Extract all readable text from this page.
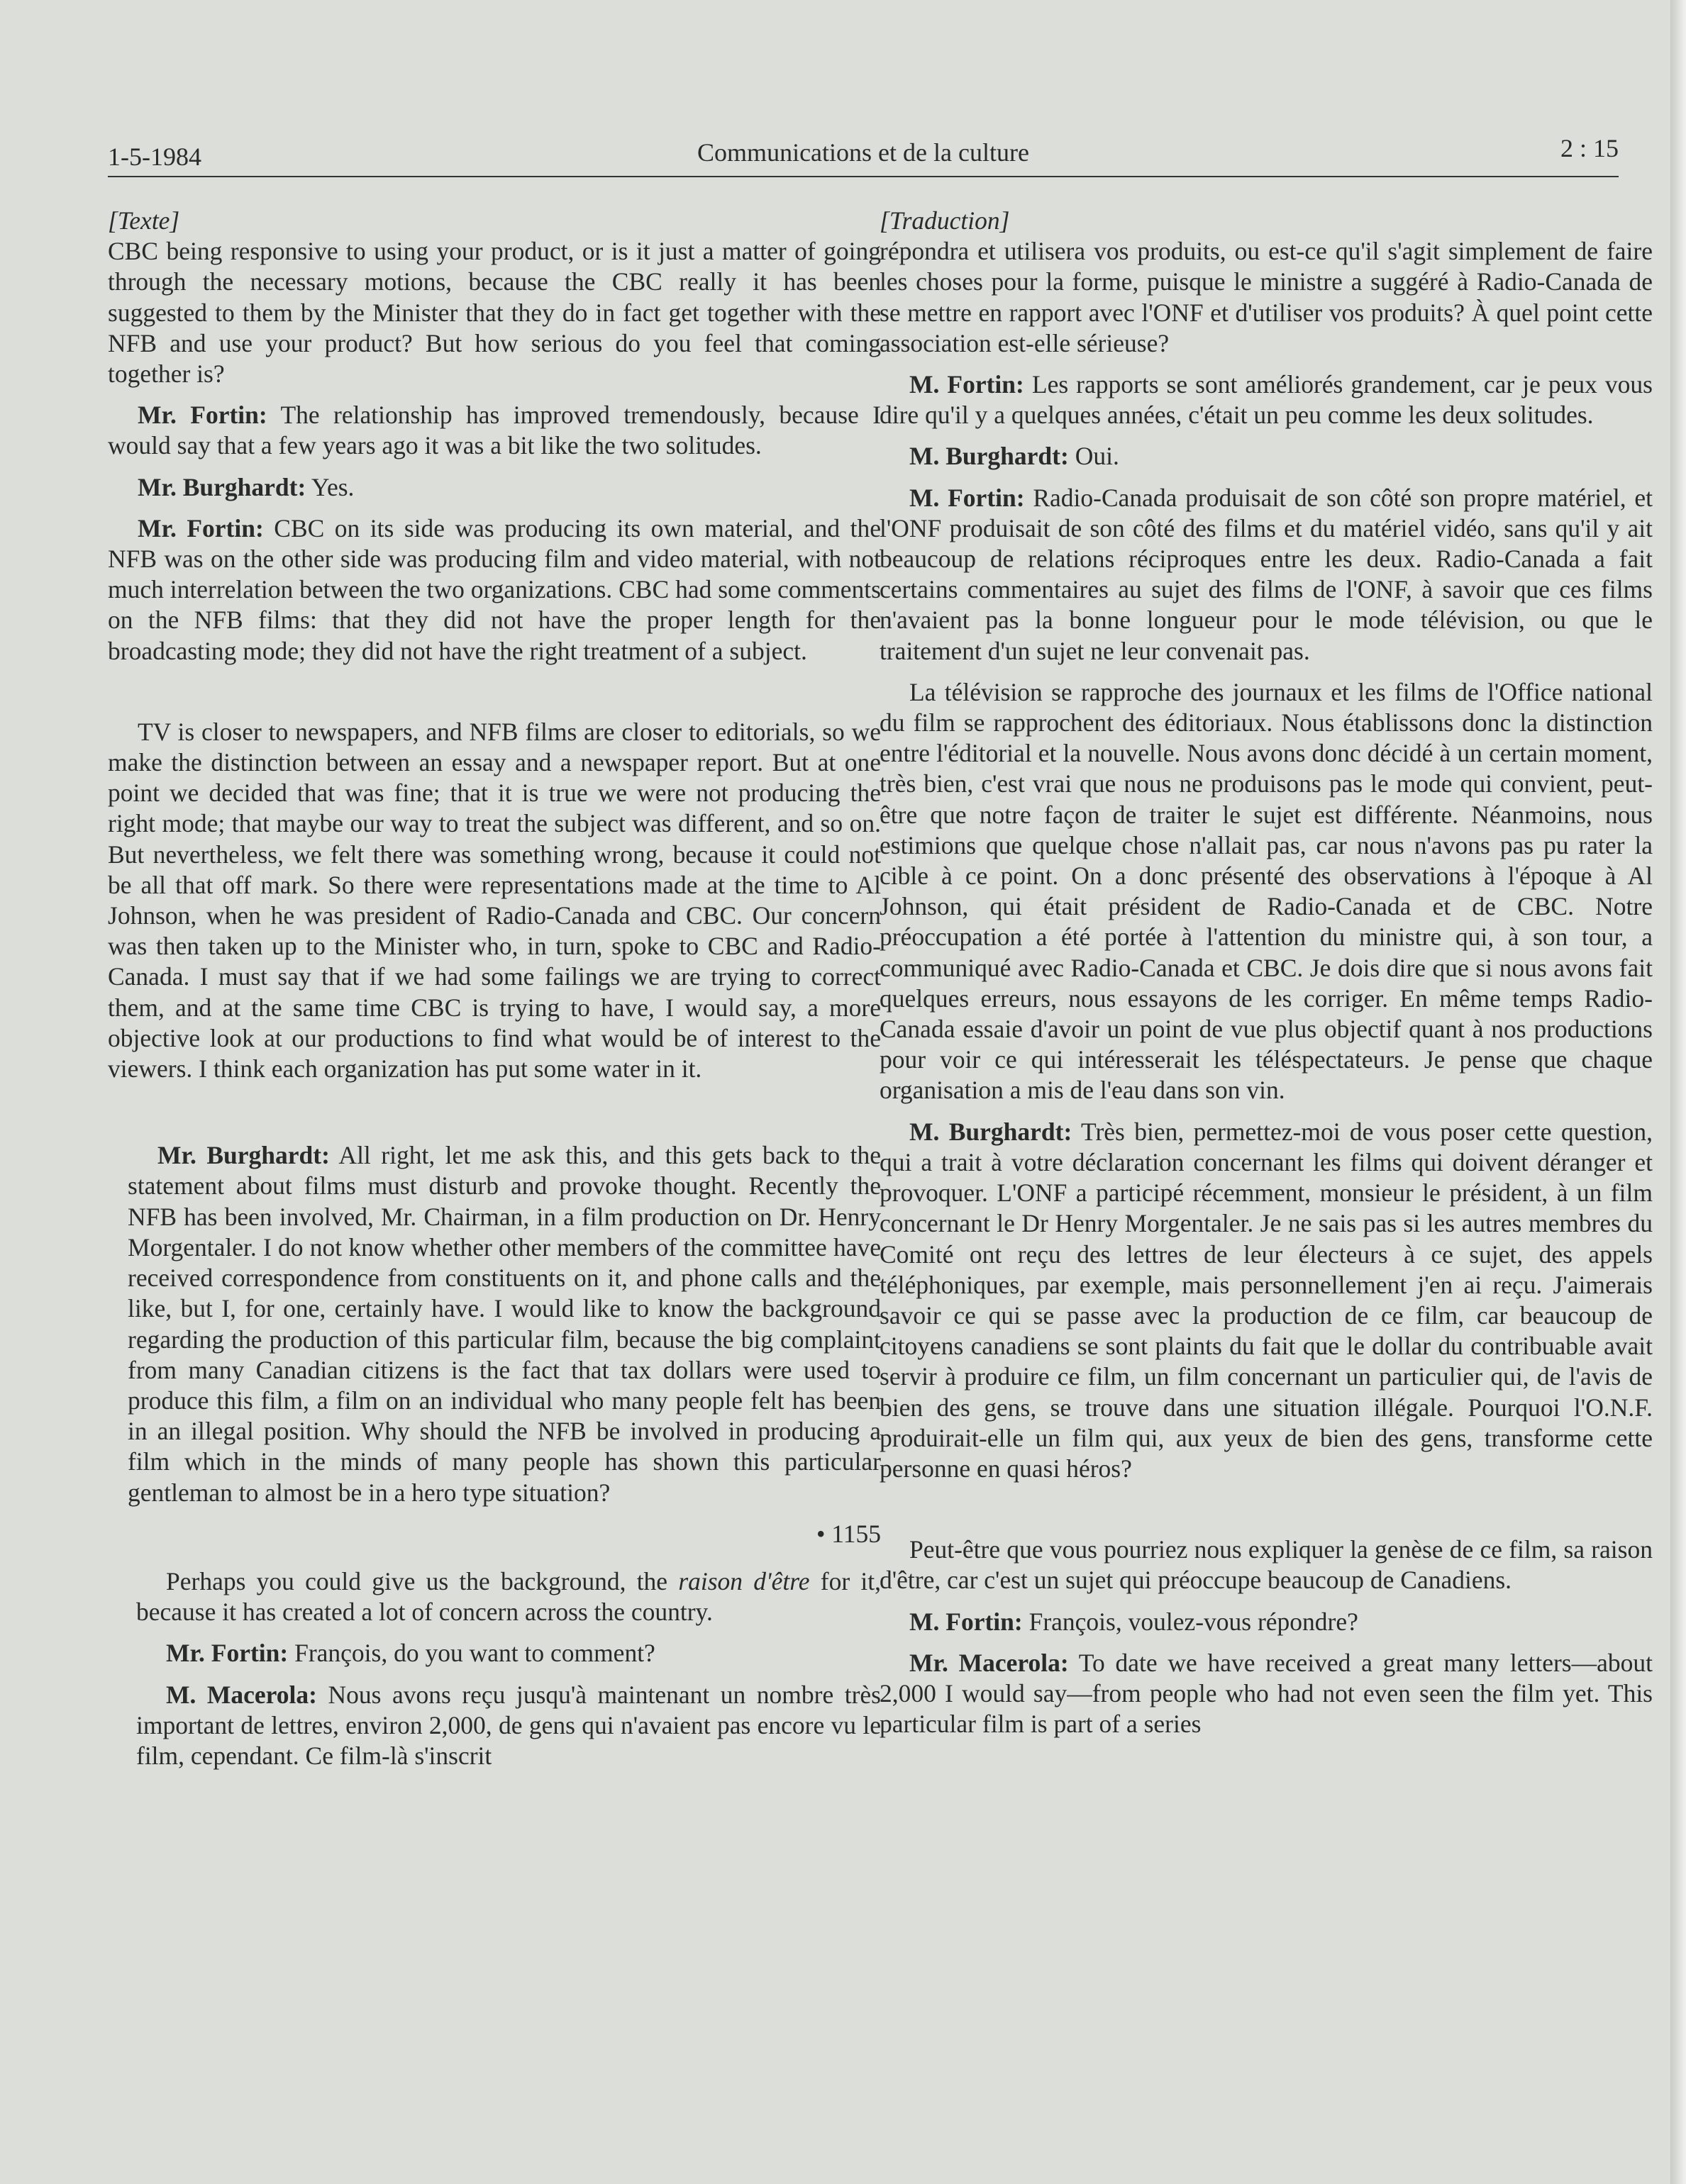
1-5-1984	Communications et de la culture	2 : 15
[Texte]

CBC being responsive to using your product, or is it just a matter of going through the necessary motions, because the CBC really it has been suggested to them by the Minister that they do in fact get together with the NFB and use your product? But how serious do you feel that coming together is?

Mr. Fortin: The relationship has improved tremendously, because I would say that a few years ago it was a bit like the two solitudes.

Mr. Burghardt: Yes.

Mr. Fortin: CBC on its side was producing its own material, and the NFB was on the other side was producing film and video material, with not much interrelation between the two organizations. CBC had some comments on the NFB films: that they did not have the proper length for the broadcasting mode; they did not have the right treatment of a subject.

TV is closer to newspapers, and NFB films are closer to editorials, so we make the distinction between an essay and a newspaper report. But at one point we decided that was fine; that it is true we were not producing the right mode; that maybe our way to treat the subject was different, and so on. But nevertheless, we felt there was something wrong, because it could not be all that off mark. So there were representations made at the time to Al Johnson, when he was president of Radio-Canada and CBC. Our concern was then taken up to the Minister who, in turn, spoke to CBC and Radio-Canada. I must say that if we had some failings we are trying to correct them, and at the same time CBC is trying to have, I would say, a more objective look at our productions to find what would be of interest to the viewers. I think each organization has put some water in it.

Mr. Burghardt: All right, let me ask this, and this gets back to the statement about films must disturb and provoke thought. Recently the NFB has been involved, Mr. Chairman, in a film production on Dr. Henry Morgentaler. I do not know whether other members of the committee have received correspondence from constituents on it, and phone calls and the like, but I, for one, certainly have. I would like to know the background regarding the production of this particular film, because the big complaint from many Canadian citizens is the fact that tax dollars were used to produce this film, a film on an individual who many people felt has been in an illegal position. Why should the NFB be involved in producing a film which in the minds of many people has shown this particular gentleman to almost be in a hero type situation?

• 1155

Perhaps you could give us the background, the raison d'être for it, because it has created a lot of concern across the country.

Mr. Fortin: François, do you want to comment?

M. Macerola: Nous avons reçu jusqu'à maintenant un nombre très important de lettres, environ 2,000, de gens qui n'avaient pas encore vu le film, cependant. Ce film-là s'inscrit

[Traduction]

répondra et utilisera vos produits, ou est-ce qu'il s'agit simplement de faire les choses pour la forme, puisque le ministre a suggéré à Radio-Canada de se mettre en rapport avec l'ONF et d'utiliser vos produits? À quel point cette association est-elle sérieuse?

M. Fortin: Les rapports se sont améliorés grandement, car je peux vous dire qu'il y a quelques années, c'était un peu comme les deux solitudes.

M. Burghardt: Oui.

M. Fortin: Radio-Canada produisait de son côté son propre matériel, et l'ONF produisait de son côté des films et du matériel vidéo, sans qu'il y ait beaucoup de relations réciproques entre les deux. Radio-Canada a fait certains commentaires au sujet des films de l'ONF, à savoir que ces films n'avaient pas la bonne longueur pour le mode télévision, ou que le traitement d'un sujet ne leur convenait pas.

La télévision se rapproche des journaux et les films de l'Office national du film se rapprochent des éditoriaux. Nous établissons donc la distinction entre l'éditorial et la nouvelle. Nous avons donc décidé à un certain moment, très bien, c'est vrai que nous ne produisons pas le mode qui convient, peut-être que notre façon de traiter le sujet est différente. Néanmoins, nous estimions que quelque chose n'allait pas, car nous n'avons pas pu rater la cible à ce point. On a donc présenté des observations à l'époque à Al Johnson, qui était président de Radio-Canada et de CBC. Notre préoccupation a été portée à l'attention du ministre qui, à son tour, a communiqué avec Radio-Canada et CBC. Je dois dire que si nous avons fait quelques erreurs, nous essayons de les corriger. En même temps Radio-Canada essaie d'avoir un point de vue plus objectif quant à nos productions pour voir ce qui intéresserait les téléspectateurs. Je pense que chaque organisation a mis de l'eau dans son vin.

M. Burghardt: Très bien, permettez-moi de vous poser cette question, qui a trait à votre déclaration concernant les films qui doivent déranger et provoquer. L'ONF a participé récemment, monsieur le président, à un film concernant le Dr Henry Morgentaler. Je ne sais pas si les autres membres du Comité ont reçu des lettres de leur électeurs à ce sujet, des appels téléphoniques, par exemple, mais personnellement j'en ai reçu. J'aimerais savoir ce qui se passe avec la production de ce film, car beaucoup de citoyens canadiens se sont plaints du fait que le dollar du contribuable avait servir à produire ce film, un film concernant un particulier qui, de l'avis de bien des gens, se trouve dans une situation illégale. Pourquoi l'O.N.F. produirait-elle un film qui, aux yeux de bien des gens, transforme cette personne en quasi héros?

Peut-être que vous pourriez nous expliquer la genèse de ce film, sa raison d'être, car c'est un sujet qui préoccupe beaucoup de Canadiens.

M. Fortin: François, voulez-vous répondre?

Mr. Macerola: To date we have received a great many letters—about 2,000 I would say—from people who had not even seen the film yet. This particular film is part of a series
